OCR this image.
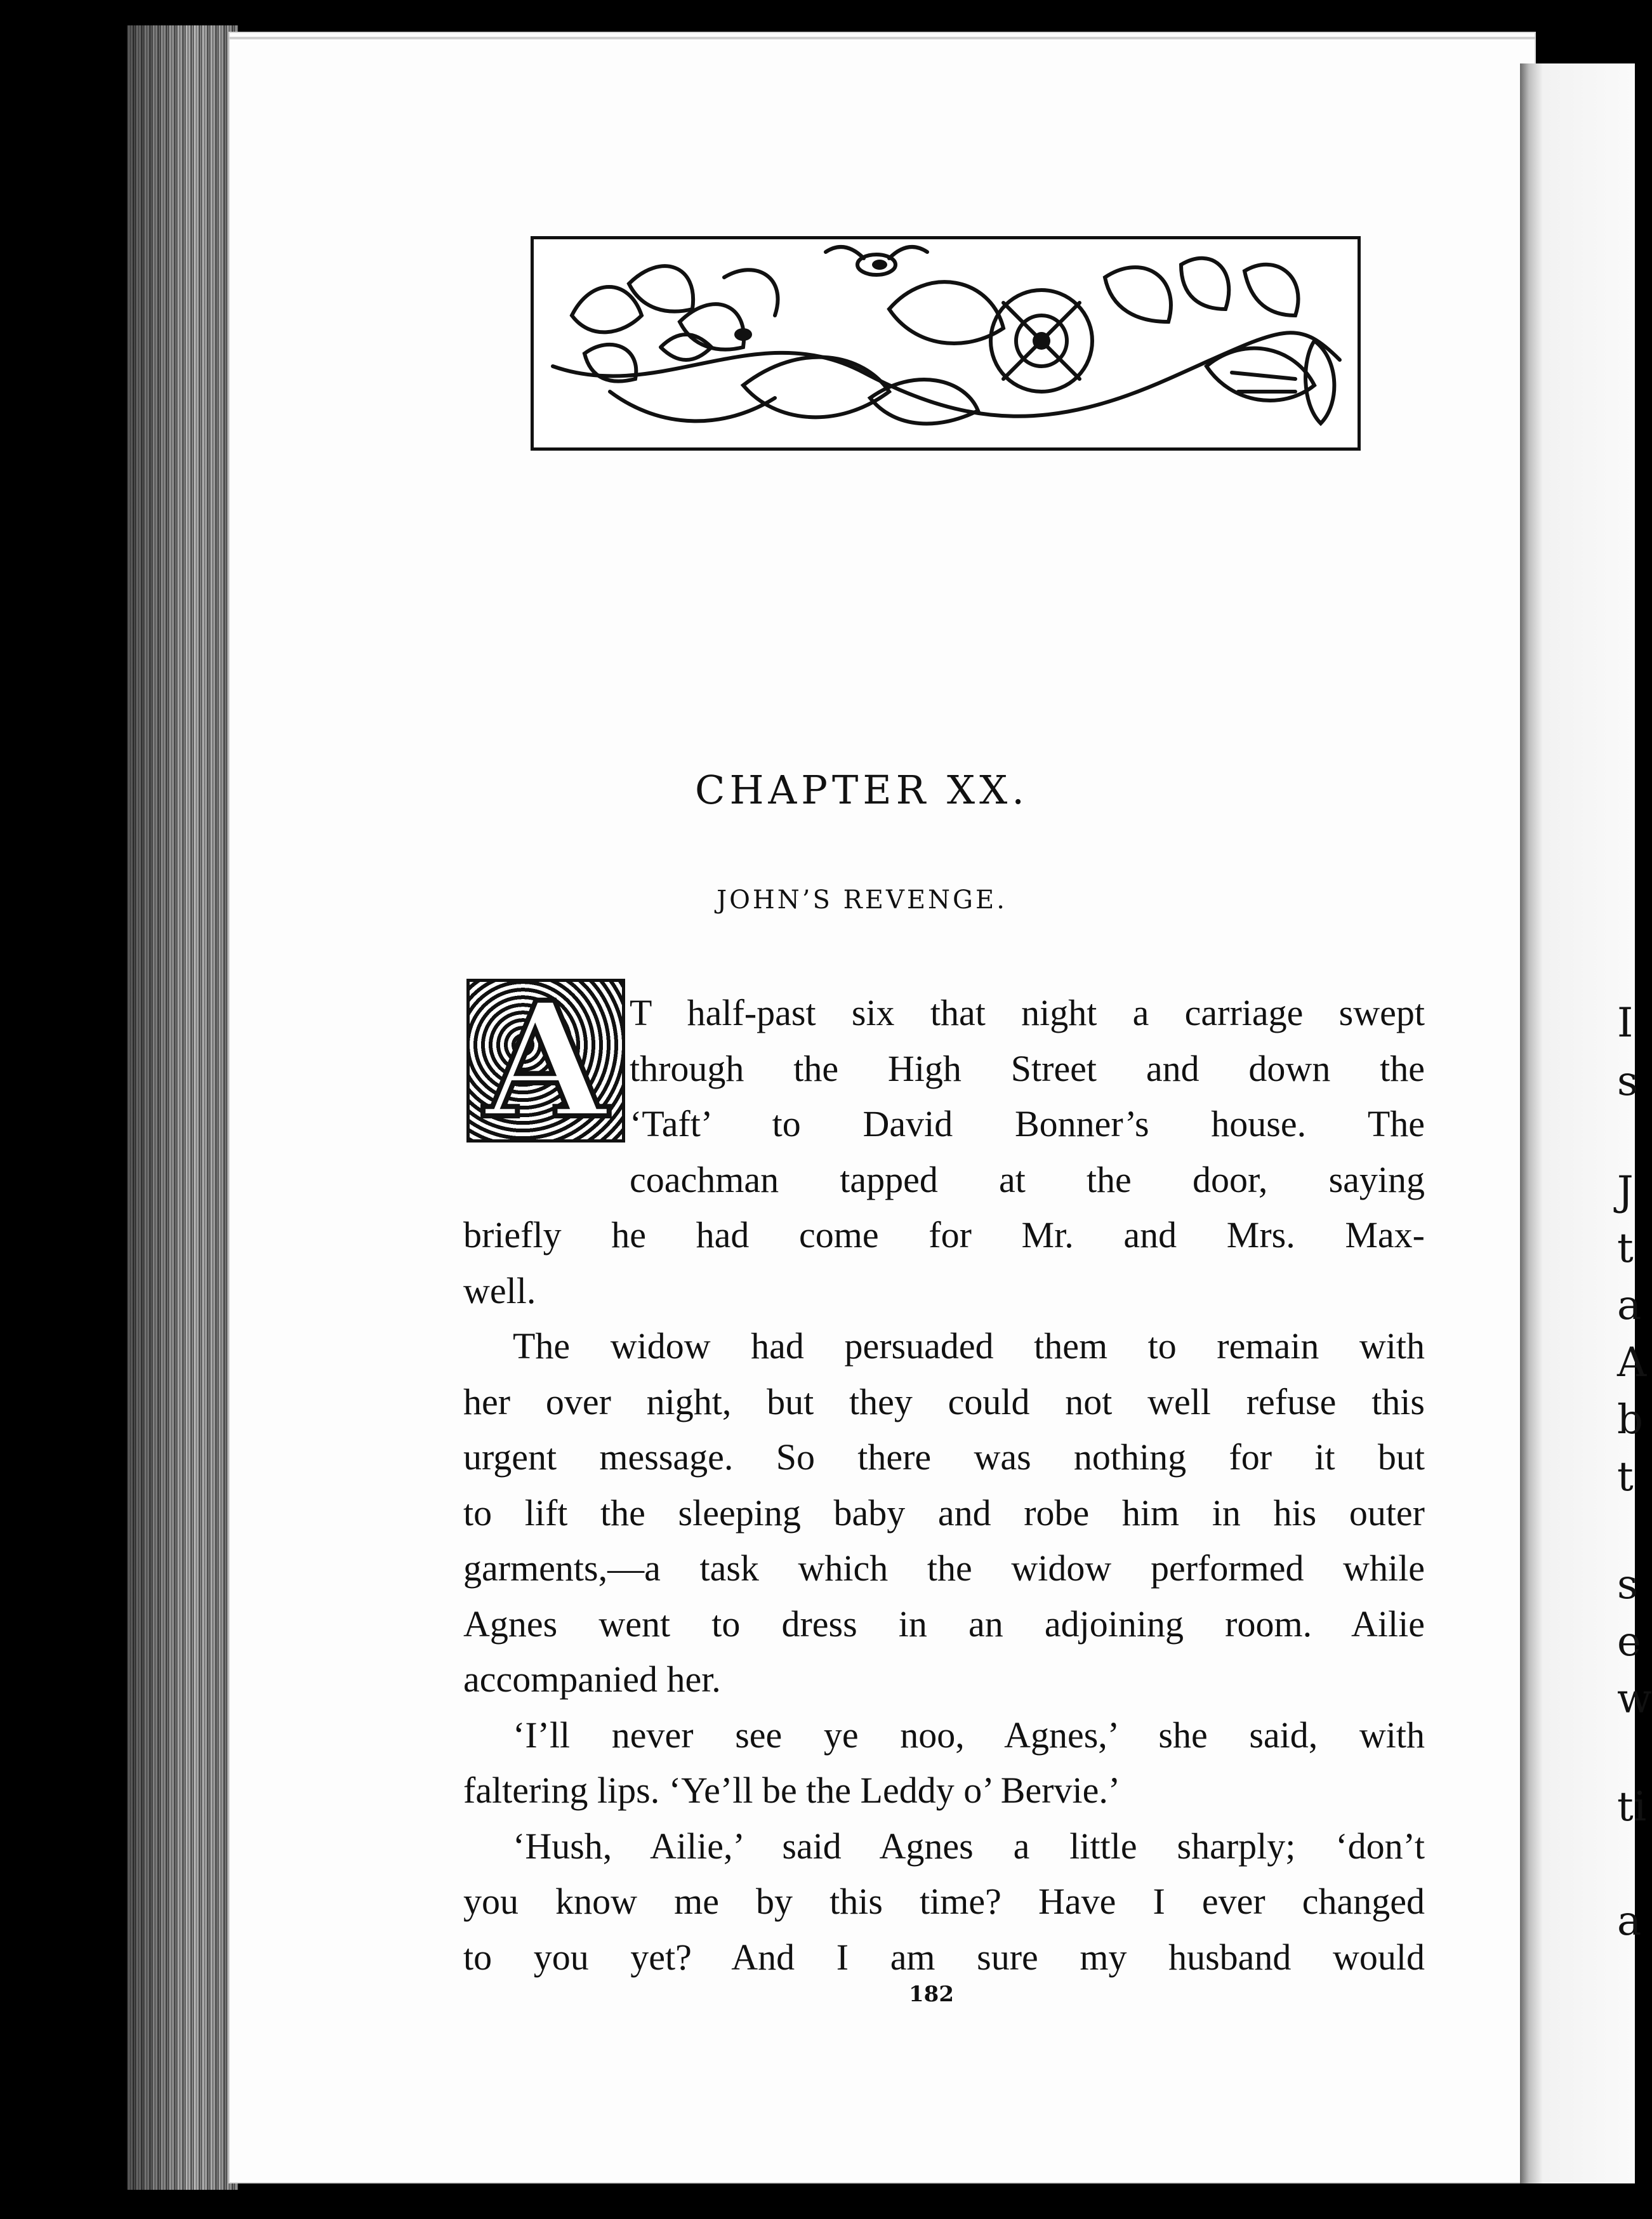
I
s
J
t
a
A
b
t
s
e
w
ti
a
CHAPTER XX.
JOHN’S REVENGE.
A T half-past six that night a carriage swept
through the High Street and down the
‘Taft’ to David Bonner’s house. The
coachman tapped at the door, saying
briefly he had come for Mr. and Mrs. Max-
well.
The widow had persuaded them to remain with
her over night, but they could not well refuse this
urgent message. So there was nothing for it but
to lift the sleeping baby and robe him in his outer
garments,—a task which the widow performed while
Agnes went to dress in an adjoining room. Ailie
accompanied her.
‘I’ll never see ye noo, Agnes,’ she said, with
faltering lips. ‘Ye’ll be the Leddy o’ Bervie.’
‘Hush, Ailie,’ said Agnes a little sharply; ‘don’t
you know me by this time? Have I ever changed
to you yet? And I am sure my husband would
182
